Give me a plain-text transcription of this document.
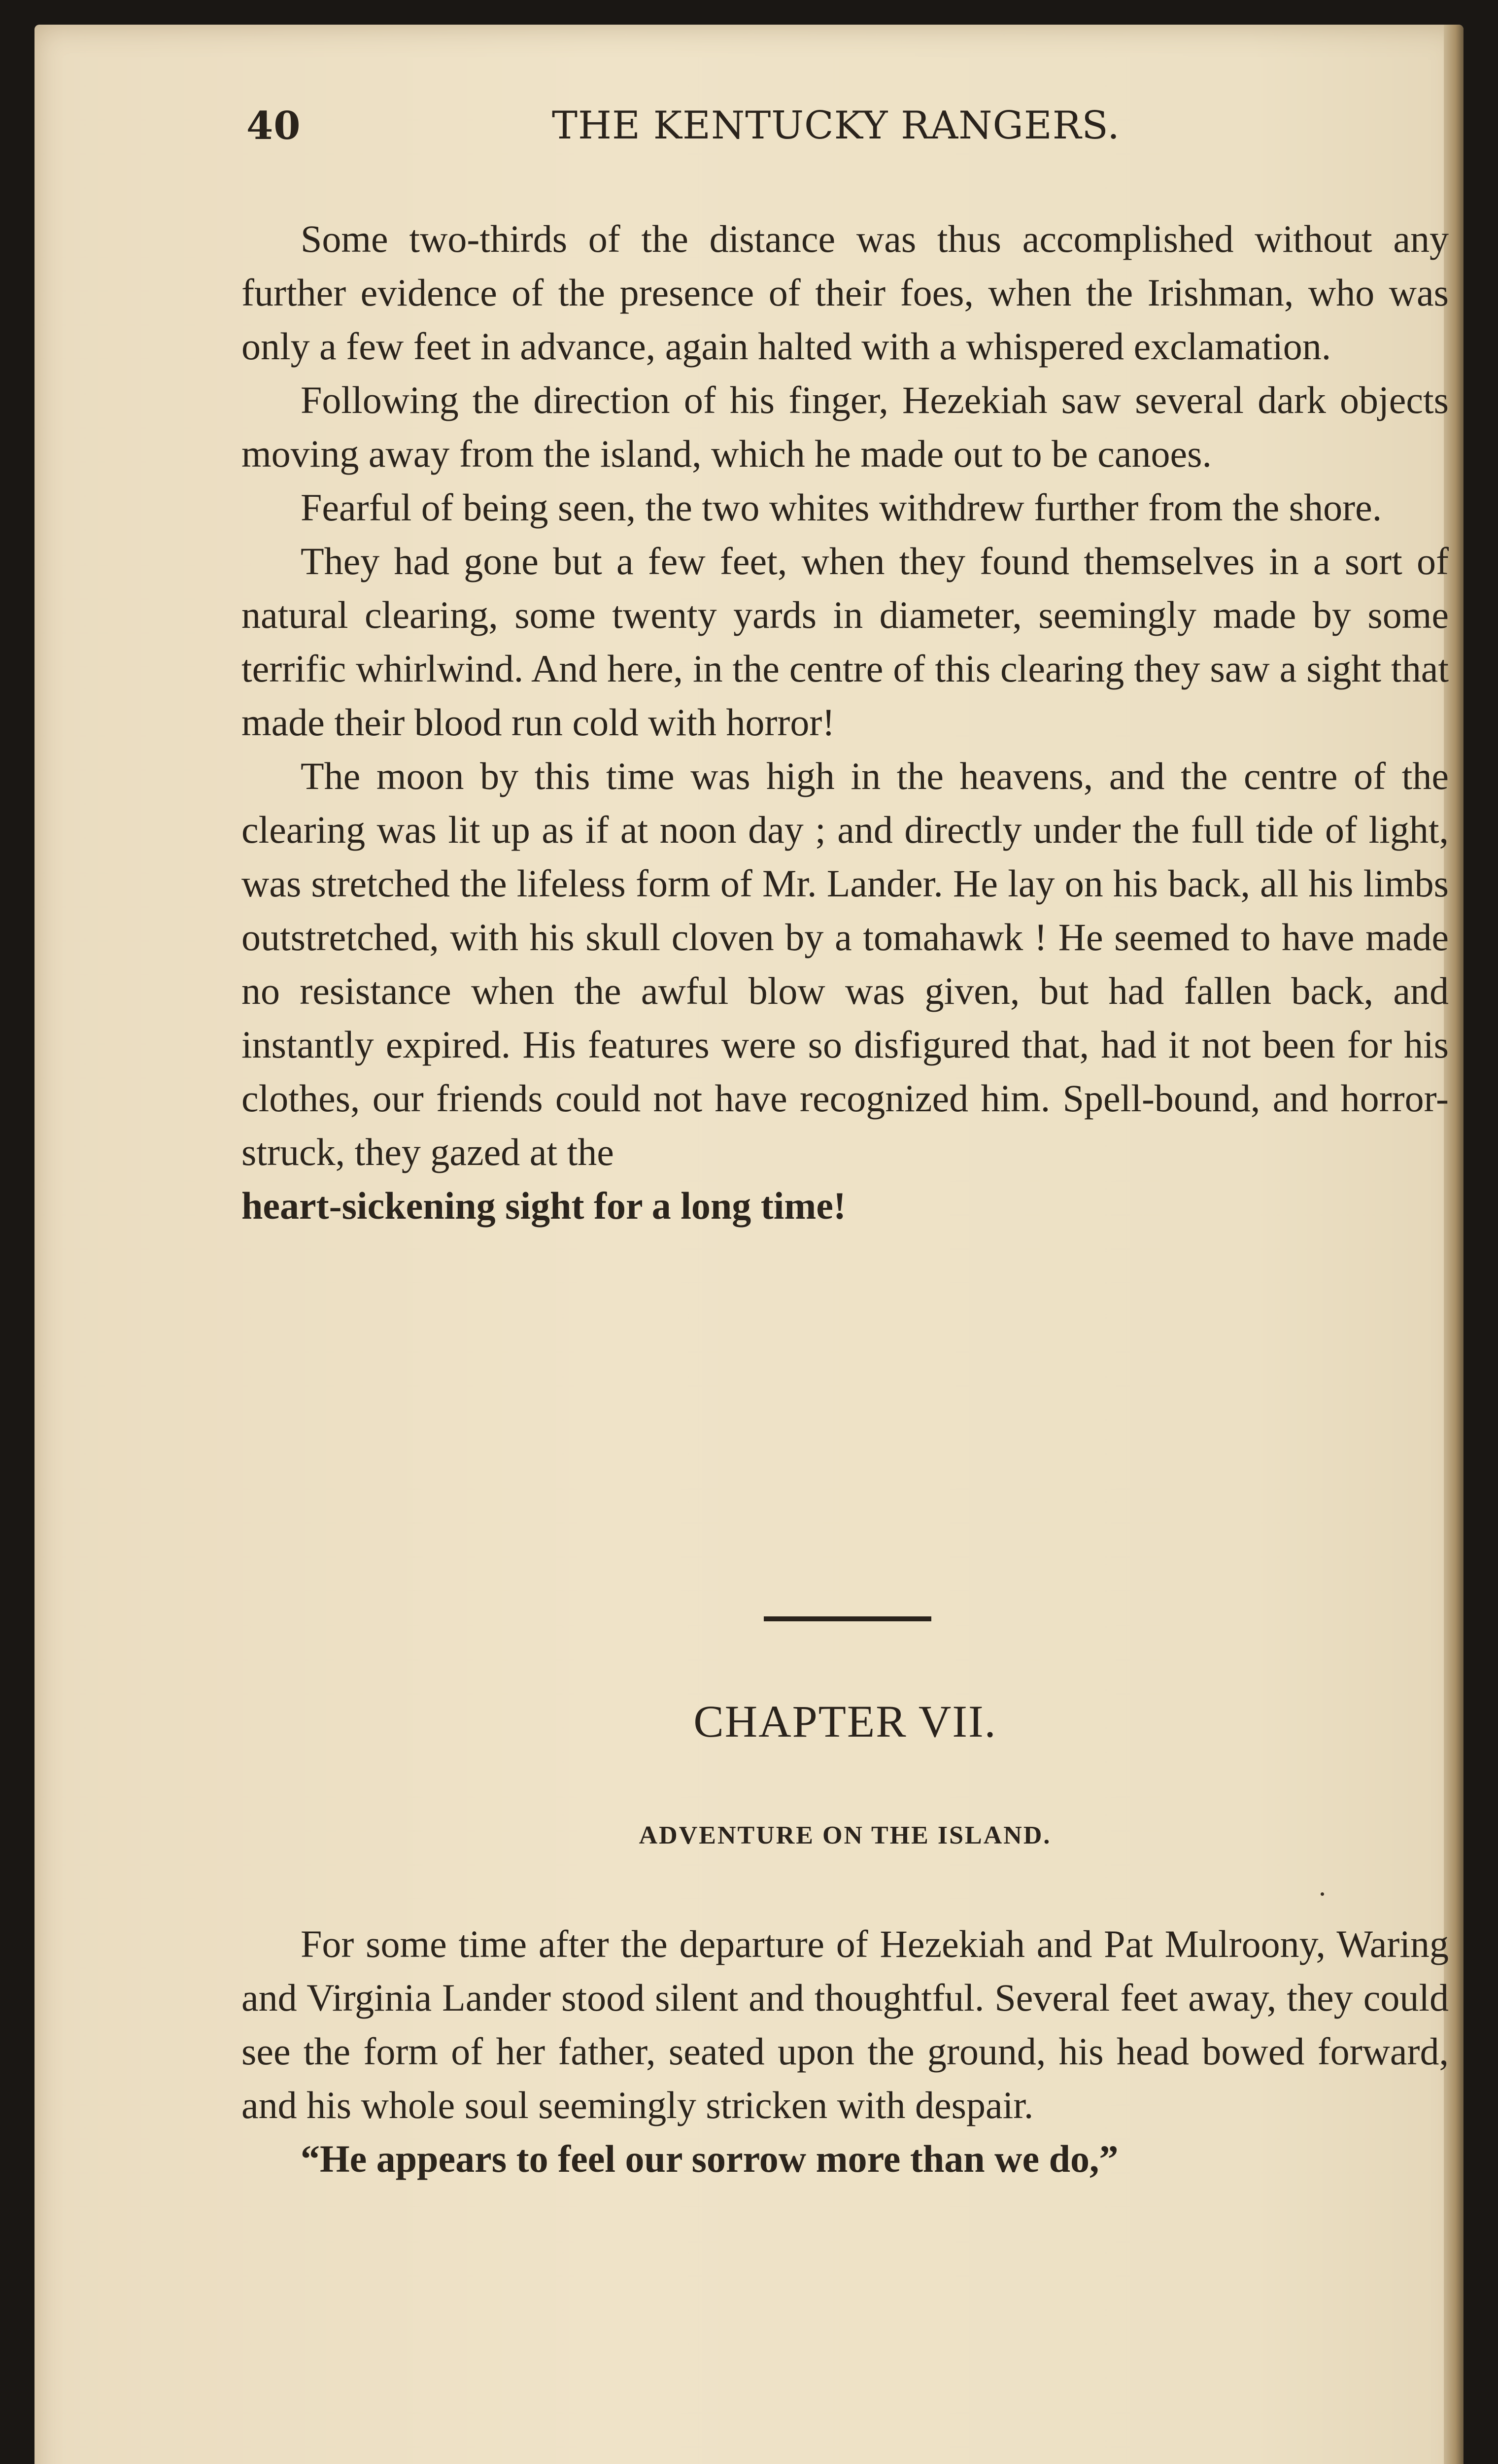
40	THE KENTUCKY RANGERS.

Some two-thirds of the distance was thus accomplished without any further evidence of the presence of their foes, when the Irishman, who was only a few feet in advance, again halted with a whispered exclamation.

Following the direction of his finger, Hezekiah saw several dark objects moving away from the island, which he made out to be canoes.

Fearful of being seen, the two whites withdrew further from the shore.

They had gone but a few feet, when they found themselves in a sort of natural clearing, some twenty yards in diameter, seemingly made by some terrific whirlwind. And here, in the centre of this clearing they saw a sight that made their blood run cold with horror!

The moon by this time was high in the heavens, and the centre of the clearing was lit up as if at noon day ; and directly under the full tide of light, was stretched the lifeless form of Mr. Lander. He lay on his back, all his limbs outstretched, with his skull cloven by a tomahawk ! He seemed to have made no resistance when the awful blow was given, but had fallen back, and instantly expired. His features were so disfigured that, had it not been for his clothes, our friends could not have recognized him. Spell-bound, and horror-struck, they gazed at the

heart-sickening sight for a long time!
CHAPTER VII.
ADVENTURE ON THE ISLAND.

For some time after the departure of Hezekiah and Pat Mulroony, Waring and Virginia Lander stood silent and thoughtful. Several feet away, they could see the form of her father, seated upon the ground, his head bowed forward, and his whole soul seemingly stricken with despair.

“He appears to feel our sorrow more than we do,”
